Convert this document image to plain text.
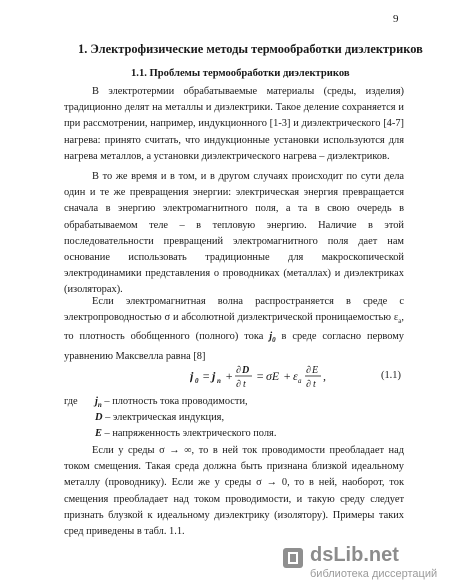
9
1. Электрофизические методы термообработки диэлектриков
1.1. Проблемы термообработки диэлектриков

В электротермии обрабатываемые материалы (среды, изделия) традиционно делят на металлы и диэлектрики. Такое деление сохраняется и при рассмотрении, например, индукционного [1-3] и диэлектрического [4-7] нагрева: принято считать, что индукционные установки используются для нагрева металлов, а установки диэлектрического нагрева – диэлектриков.

В то же время и в том, и в другом случаях происходит по сути дела один и те же превращения энергии: электрическая энергия превращается сначала в энергию электромагнитного поля, а та в свою очередь в обрабатываемом теле – в тепловую энергию. Наличие в этой последовательности превращений электромагнитного поля дает нам основание использовать традиционные для макроскопической электродинамики представления о проводниках (металлах) и диэлектриках (изоляторах).

Если электромагнитная волна распространяется в среде с электропроводностью σ и абсолютной диэлектрической проницаемостью $\varepsilon_а$, то плотность обобщенного (полного) тока $j_0$ в среде согласно первому уравнению Максвелла равна [8]

j 0 = j п + ∂ D
∂ t
= σE + ε а
∂ E
∂ t
,	(1.1)
где $j_п$ – плотность тока проводимости,
D – электрическая индукция,
E – напряженность электрического поля.

Если у среды σ → ∞, то в ней ток проводимости преобладает над током смещения. Такая среда должна быть признана близкой идеальному металлу (проводнику). Если же у среды σ → 0, то в ней, наоборот, ток смещения преобладает над током проводимости, и такую среду следует признать блузкой к идеальному диэлектрику (изолятору). Примеры таких сред приведены в табл. 1.1.

dsLib.net
библиотека диссертаций
